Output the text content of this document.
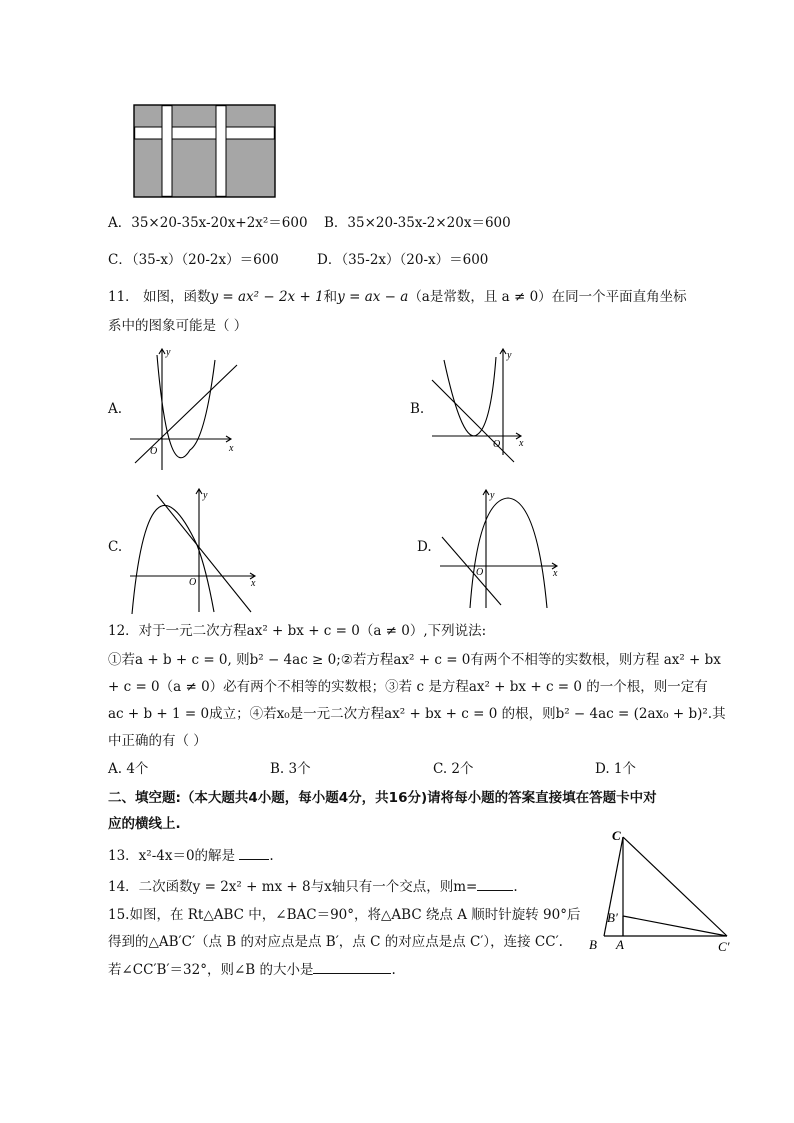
A．35×20-35x-20x+2x²＝600 B．35×20-35x-2×20x＝600
C．（35-x）（20-2x）＝600	D．（35-2x）（20-x）＝600
11． 如图，函数y = ax² − 2x + 1和y = ax − a（a是常数，且 a ≠ 0）在同一个平面直角坐标
系中的图象可能是（ ）
A.	B.
C.	D.
y
x
O
y
x
O
y
x
O
y
x
O
12．对于一元二次方程ax² + bx + c = 0（a ≠ 0）,下列说法:
①若a + b + c = 0, 则b² − 4ac ≥ 0;②若方程ax² + c = 0有两个不相等的实数根，则方程 ax² + bx
+ c = 0（a ≠ 0）必有两个不相等的实数根；③若 c 是方程ax² + bx + c = 0 的一个根，则一定有
ac + b + 1 = 0成立；④若x₀是一元二次方程ax² + bx + c = 0 的根，则b² − 4ac = (2ax₀ + b)².其
中正确的有（ ）
A. 4个	B. 3个	C. 2个	D. 1个
二、填空题:（本大题共4小题，每小题4分，共16分)请将每小题的答案直接填在答题卡中对
应的横线上.
13．x²-4x＝0的解是	.
14．二次函数y = 2x² + mx + 8与x轴只有一个交点，则m=	.
15.如图，在 Rt△ABC 中，∠BAC＝90°，将△ABC 绕点 A 顺时针旋转 90°后
得到的△AB′C′（点 B 的对应点是点 B′，点 C 的对应点是点 C′），连接 CC′.
若∠CC′B′＝32°，则∠B 的大小是	.
C
B′
B A	C′
